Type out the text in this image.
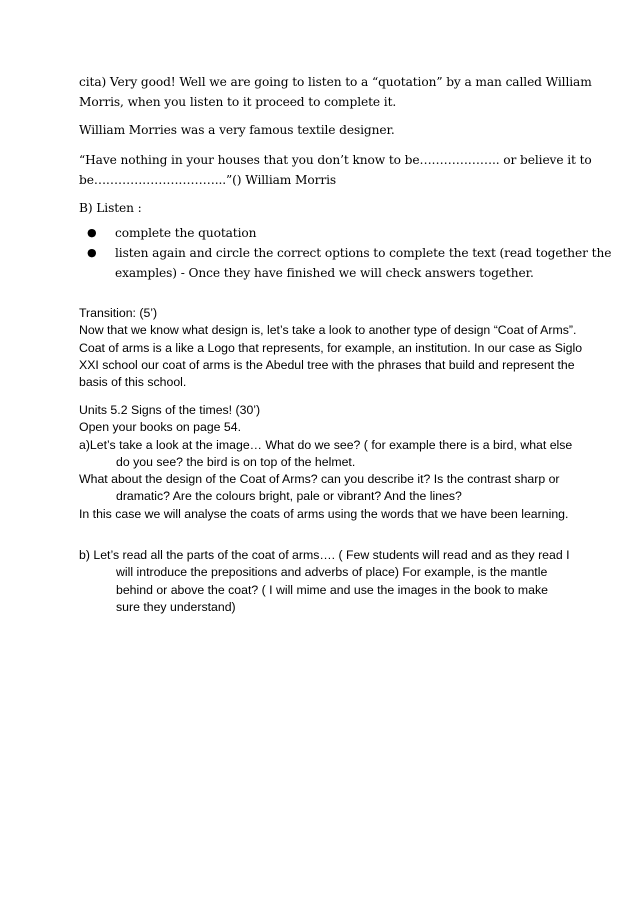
cita) Very good! Well we are going to listen to a “quotation” by a man called William
Morris, when you listen to it proceed to complete it.

William Morries was a very famous textile designer.

“Have nothing in your houses that you don’t know to be……………….. or believe it to
be…………………………...”() William Morris

B) Listen :

● complete the quotation
● listen again and circle the correct options to complete the text (read together the
examples) - Once they have finished we will check answers together.

Transition: (5’)
Now that we know what design is, let’s take a look to another type of design “Coat of Arms”.
Coat of arms is a like a Logo that represents, for example, an institution. In our case as Siglo
XXI school our coat of arms is the Abedul tree with the phrases that build and represent the
basis of this school.

Units 5.2 Signs of the times! (30’)
Open your books on page 54.
a)Let’s take a look at the image… What do we see? ( for example there is a bird, what else
do you see? the bird is on top of the helmet.
What about the design of the Coat of Arms? can you describe it? Is the contrast sharp or
dramatic? Are the colours bright, pale or vibrant? And the lines?
In this case we will analyse the coats of arms using the words that we have been learning.

b) Let’s read all the parts of the coat of arms…. ( Few students will read and as they read I
will introduce the prepositions and adverbs of place) For example, is the mantle
behind or above the coat? ( I will mime and use the images in the book to make
sure they understand)
